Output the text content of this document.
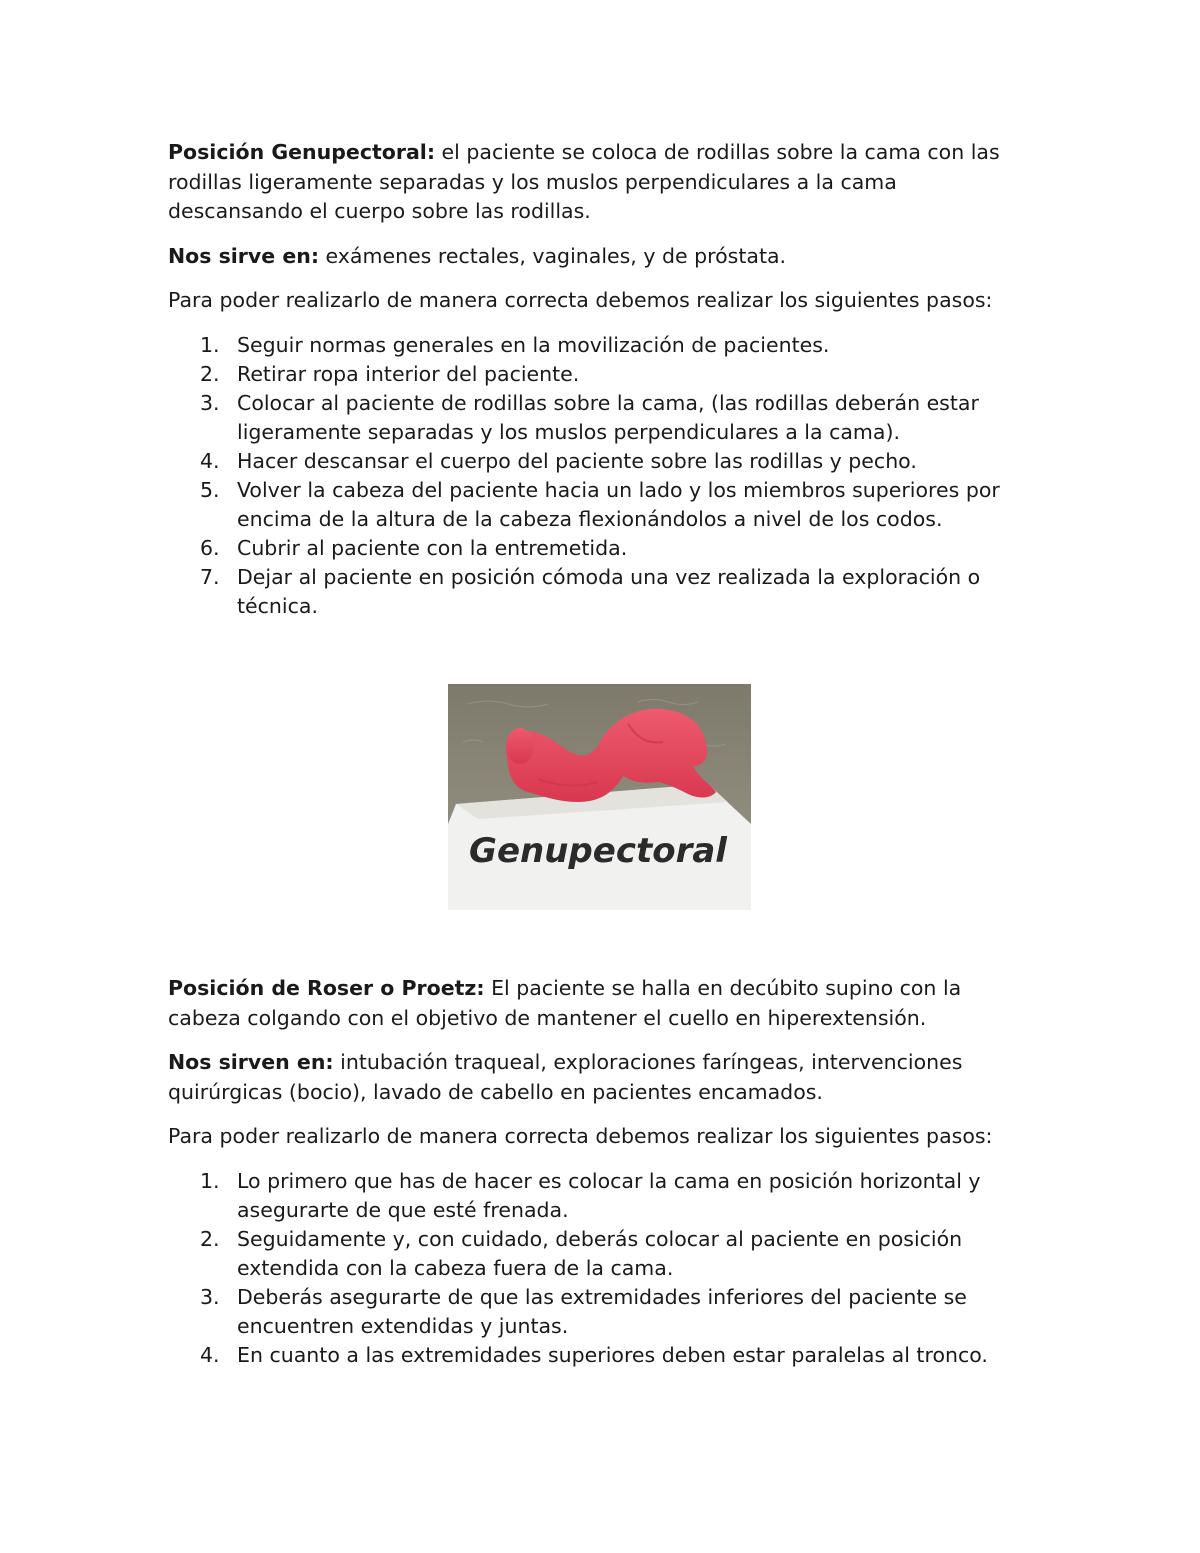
Posición Genupectoral: el paciente se coloca de rodillas sobre la cama con las rodillas ligeramente separadas y los muslos perpendiculares a la cama descansando el cuerpo sobre las rodillas.

Nos sirve en: exámenes rectales, vaginales, y de próstata.

Para poder realizarlo de manera correcta debemos realizar los siguientes pasos:

1. Seguir normas generales en la movilización de pacientes.
2. Retirar ropa interior del paciente.
3. Colocar al paciente de rodillas sobre la cama, (las rodillas deberán estar ligeramente separadas y los muslos perpendiculares a la cama).
4. Hacer descansar el cuerpo del paciente sobre las rodillas y pecho.
5. Volver la cabeza del paciente hacia un lado y los miembros superiores por encima de la altura de la cabeza flexionándolos a nivel de los codos.
6. Cubrir al paciente con la entremetida.
7. Dejar al paciente en posición cómoda una vez realizada la exploración o técnica.
Genupectoral

Posición de Roser o Proetz: El paciente se halla en decúbito supino con la cabeza colgando con el objetivo de mantener el cuello en hiperextensión.

Nos sirven en: intubación traqueal, exploraciones faríngeas, intervenciones quirúrgicas (bocio), lavado de cabello en pacientes encamados.

Para poder realizarlo de manera correcta debemos realizar los siguientes pasos:

1. Lo primero que has de hacer es colocar la cama en posición horizontal y asegurarte de que esté frenada.
2. Seguidamente y, con cuidado, deberás colocar al paciente en posición extendida con la cabeza fuera de la cama.
3. Deberás asegurarte de que las extremidades inferiores del paciente se encuentren extendidas y juntas.
4. En cuanto a las extremidades superiores deben estar paralelas al tronco.
